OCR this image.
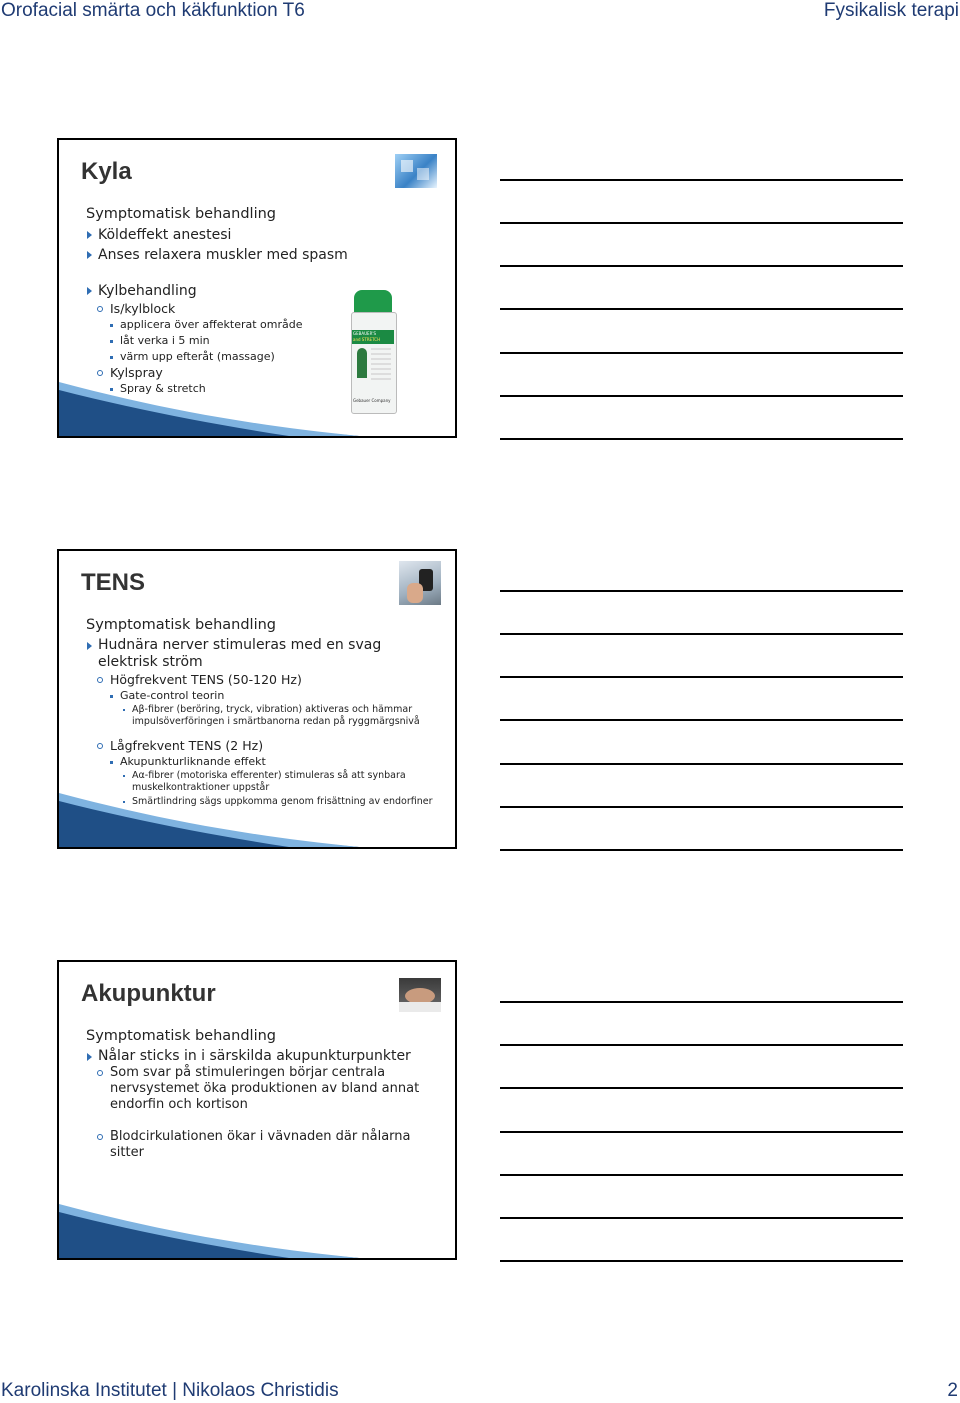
Orofacial smärta och käkfunktion T6	Fysikalisk terapi
Karolinska Institutet | Nikolaos Christidis	2
Kyla
Symptomatisk behandling
Köldeffekt anestesi
Anses relaxera muskler med spasm
Kylbehandling
Is/kylblock
applicera över affekterat område
låt verka i 5 min
värm upp efteråt (massage)
Kylspray
Spray & stretch
GEBAUER'S
and STRETCH
Gebauer Company
TENS
Symptomatisk behandling
Hudnära nerver stimuleras med en svag elektrisk ström
Högfrekvent TENS (50-120 Hz)
Gate-control teorin
Aβ-fibrer (beröring, tryck, vibration) aktiveras och hämmar impulsöverföringen i smärtbanorna redan på ryggmärgsnivå
Lågfrekvent TENS (2 Hz)
Akupunkturliknande effekt
Aα-fibrer (motoriska efferenter) stimuleras så att synbara muskelkontraktioner uppstår
Smärtlindring sägs uppkomma genom frisättning av endorfiner
Akupunktur
Symptomatisk behandling
Nålar sticks in i särskilda akupunkturpunkter
Som svar på stimuleringen börjar centrala nervsystemet öka produktionen av bland annat endorfin och kortison
Blodcirkulationen ökar i vävnaden där nålarna sitter
